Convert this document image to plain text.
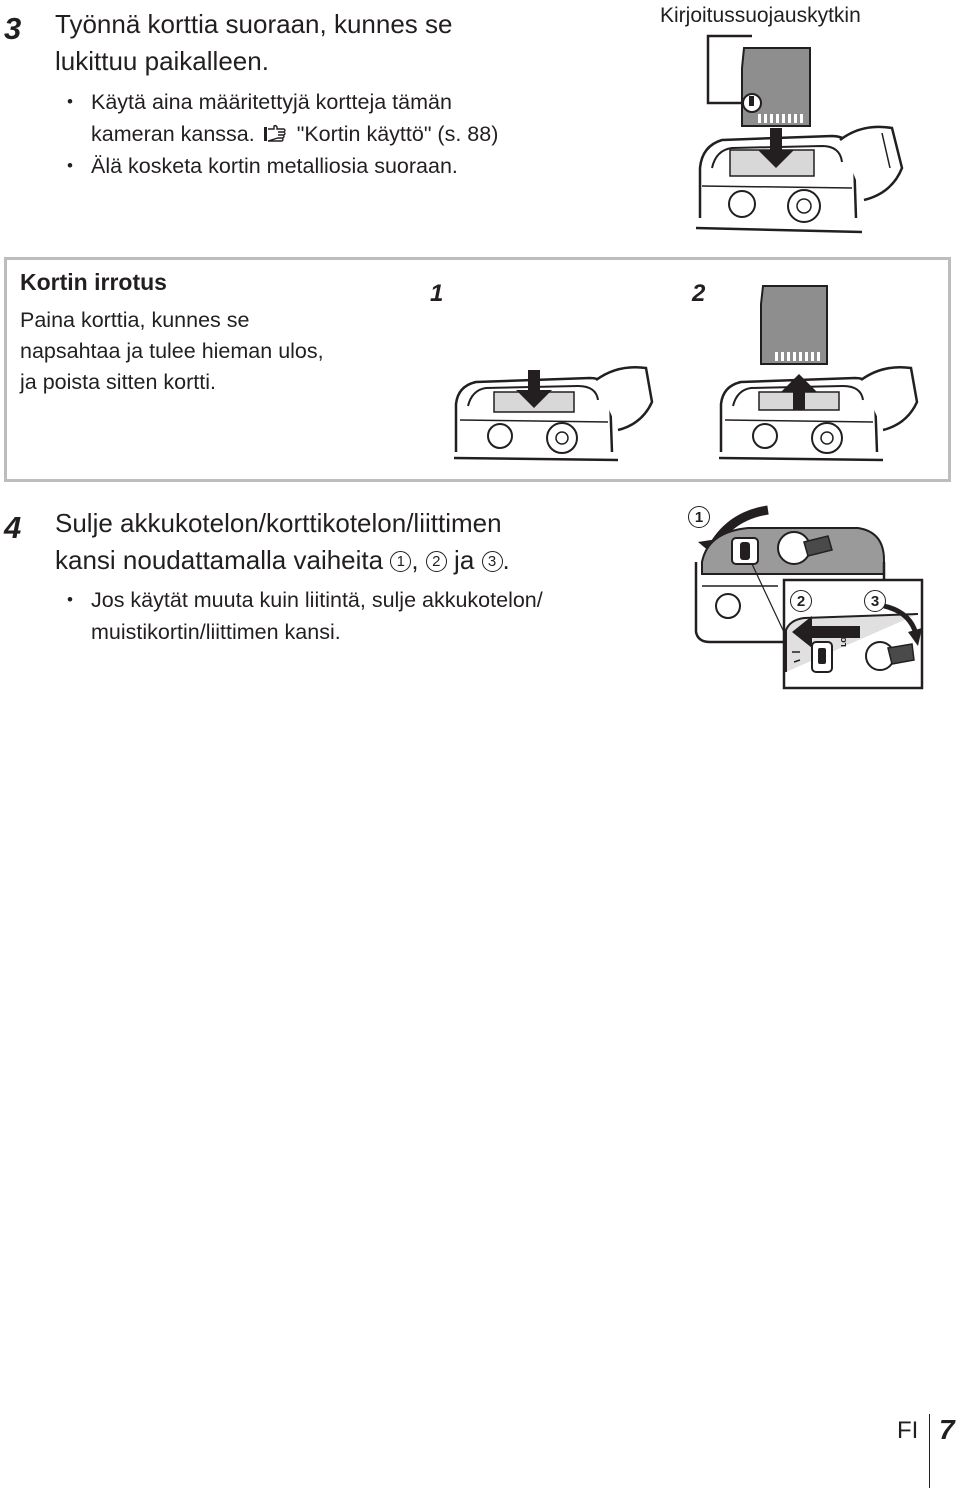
3 Työnnä korttia suoraan, kunnes se
lukittuu paikalleen.
• Käytä aina määritettyjä kortteja tämän
kameran kanssa. "Kortin käyttö" (s. 88)
• Älä kosketa kortin metalliosia suoraan.
Kirjoitussuojauskytkin
Kortin irrotus
Paina korttia, kunnes se
napsahtaa ja tulee hieman ulos,
ja poista sitten kortti.
1	2
4 Sulje akkukotelon/korttikotelon/liittimen
kansi noudattamalla vaiheita 1 , 2 ja 3 .
• Jos käytät muuta kuin liitintä, sulje akkukotelon/
muistikortin/liittimen kansi.	LOCK
1
2	3
FI 7
